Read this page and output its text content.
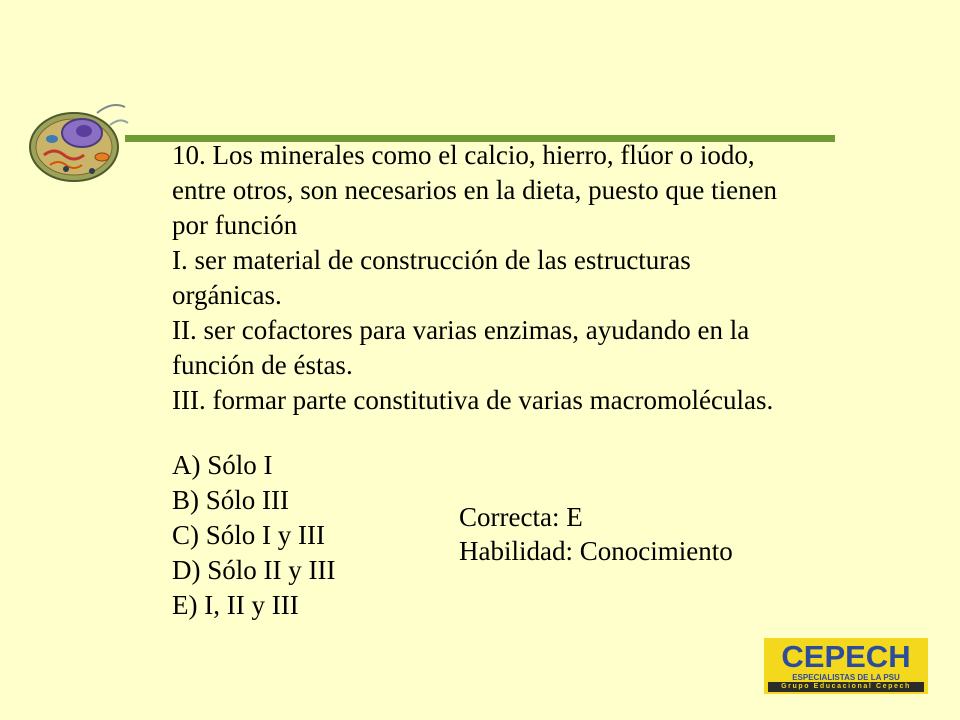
10. Los minerales como el calcio, hierro, flúor o iodo,
entre otros, son necesarios en la dieta, puesto que tienen
por función
I. ser material de construcción de las estructuras
orgánicas.
II. ser cofactores para varias enzimas, ayudando en la
función de éstas.
III. formar parte constitutiva de varias macromoléculas.
A) Sólo I
B) Sólo III
C) Sólo I y III
D) Sólo II y III
E) I, II y III
Correcta: E
Habilidad: Conocimiento
CEPECH
ESPECIALISTAS DE LA PSU
Grupo Educacional Cepech
